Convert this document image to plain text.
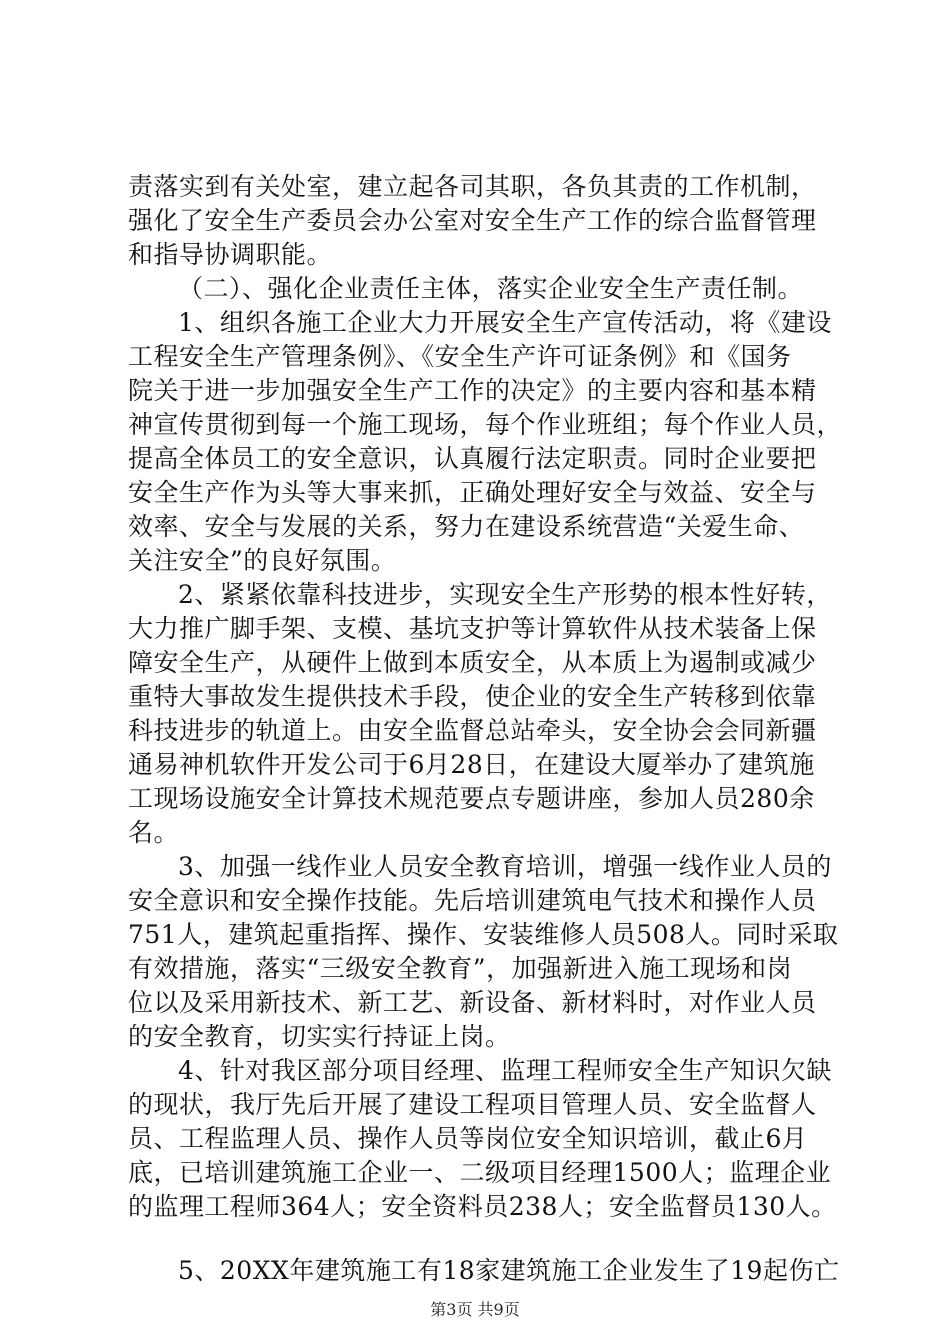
责落实到有关处室，建立起各司其职，各负其责的工作机制，
强化了安全生产委员会办公室对安全生产工作的综合监督管理
和指导协调职能。
（二）、强化企业责任主体，落实企业安全生产责任制。
1、组织各施工企业大力开展安全生产宣传活动，将《建设
工程安全生产管理条例》、《安全生产许可证条例》和《国务
院关于进一步加强安全生产工作的决定》的主要内容和基本精
神宣传贯彻到每一个施工现场，每个作业班组；每个作业人员，
提高全体员工的安全意识，认真履行法定职责。同时企业要把
安全生产作为头等大事来抓，正确处理好安全与效益、安全与
效率、安全与发展的关系，努力在建设系统营造“关爱生命、
关注安全”的良好氛围。
2、紧紧依靠科技进步，实现安全生产形势的根本性好转，
大力推广脚手架、支模、基坑支护等计算软件从技术装备上保
障安全生产，从硬件上做到本质安全，从本质上为遏制或减少
重特大事故发生提供技术手段，使企业的安全生产转移到依靠
科技进步的轨道上。由安全监督总站牵头，安全协会会同新疆
通易神机软件开发公司于6月28日，在建设大厦举办了建筑施
工现场设施安全计算技术规范要点专题讲座，参加人员280余
名。
3、加强一线作业人员安全教育培训，增强一线作业人员的
安全意识和安全操作技能。先后培训建筑电气技术和操作人员
751人，建筑起重指挥、操作、安装维修人员508人。同时采取
有效措施，落实“三级安全教育”，加强新进入施工现场和岗
位以及采用新技术、新工艺、新设备、新材料时，对作业人员
的安全教育，切实实行持证上岗。
4、针对我区部分项目经理、监理工程师安全生产知识欠缺
的现状，我厅先后开展了建设工程项目管理人员、安全监督人
员、工程监理人员、操作人员等岗位安全知识培训，截止6月
底，已培训建筑施工企业一、二级项目经理1500人；监理企业
的监理工程师364人；安全资料员238人；安全监督员130人。
5、20XX年建筑施工有18家建筑施工企业发生了19起伤亡
第3页 共9页
